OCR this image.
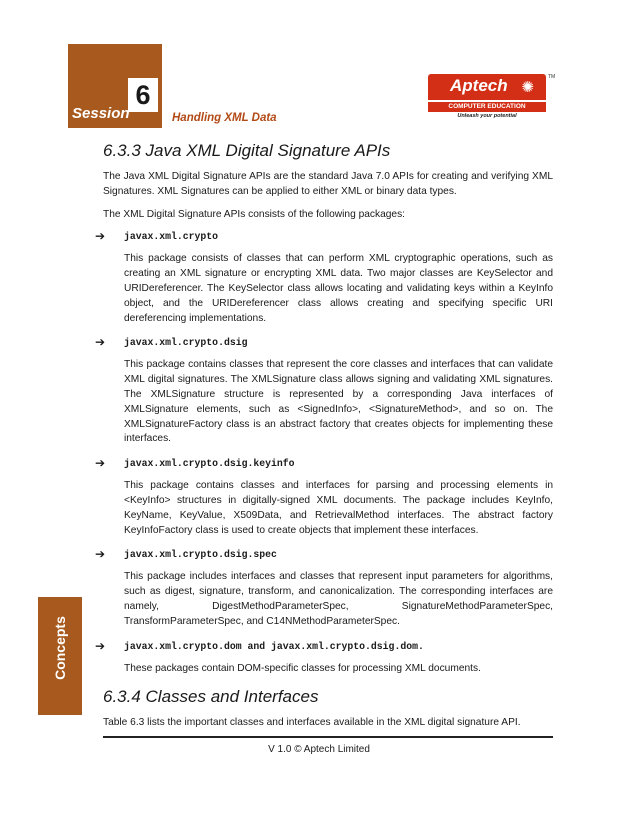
6
Session	Handling XML Data
Aptech ✺
COMPUTER EDUCATION
Unleash your potential
TM
Concepts
6.3.3 Java XML Digital Signature APIs

The Java XML Digital Signature APIs are the standard Java 7.0 APIs for creating and verifying XML Signatures. XML Signatures can be applied to either XML or binary data types.

The XML Digital Signature APIs consists of the following packages:

➔ javax.xml.crypto

This package consists of classes that can perform XML cryptographic operations, such as creating an XML signature or encrypting XML data. Two major classes are KeySelector and URIDereferencer. The KeySelector class allows locating and validating keys within a KeyInfo object, and the URIDereferencer class allows creating and specifying specific URI dereferencing implementations.

➔ javax.xml.crypto.dsig

This package contains classes that represent the core classes and interfaces that can validate XML digital signatures. The XMLSignature class allows signing and validating XML signatures. The XMLSignature structure is represented by a corresponding Java interfaces of XMLSignature elements, such as <SignedInfo>, <SignatureMethod>, and so on. The XMLSignatureFactory class is an abstract factory that creates objects for implementing these interfaces.

➔ javax.xml.crypto.dsig.keyinfo

This package contains classes and interfaces for parsing and processing elements in <KeyInfo> structures in digitally-signed XML documents. The package includes KeyInfo, KeyName, KeyValue, X509Data, and RetrievalMethod interfaces. The abstract factory KeyInfoFactory class is used to create objects that implement these interfaces.

➔ javax.xml.crypto.dsig.spec

This package includes interfaces and classes that represent input parameters for algorithms, such as digest, signature, transform, and canonicalization. The corresponding interfaces are namely, DigestMethodParameterSpec, SignatureMethodParameterSpec, TransformParameterSpec, and C14NMethodParameterSpec.

➔ javax.xml.crypto.dom and javax.xml.crypto.dsig.dom.

These packages contain DOM-specific classes for processing XML documents.

6.3.4 Classes and Interfaces

Table 6.3 lists the important classes and interfaces available in the XML digital signature API.

V 1.0 © Aptech Limited
